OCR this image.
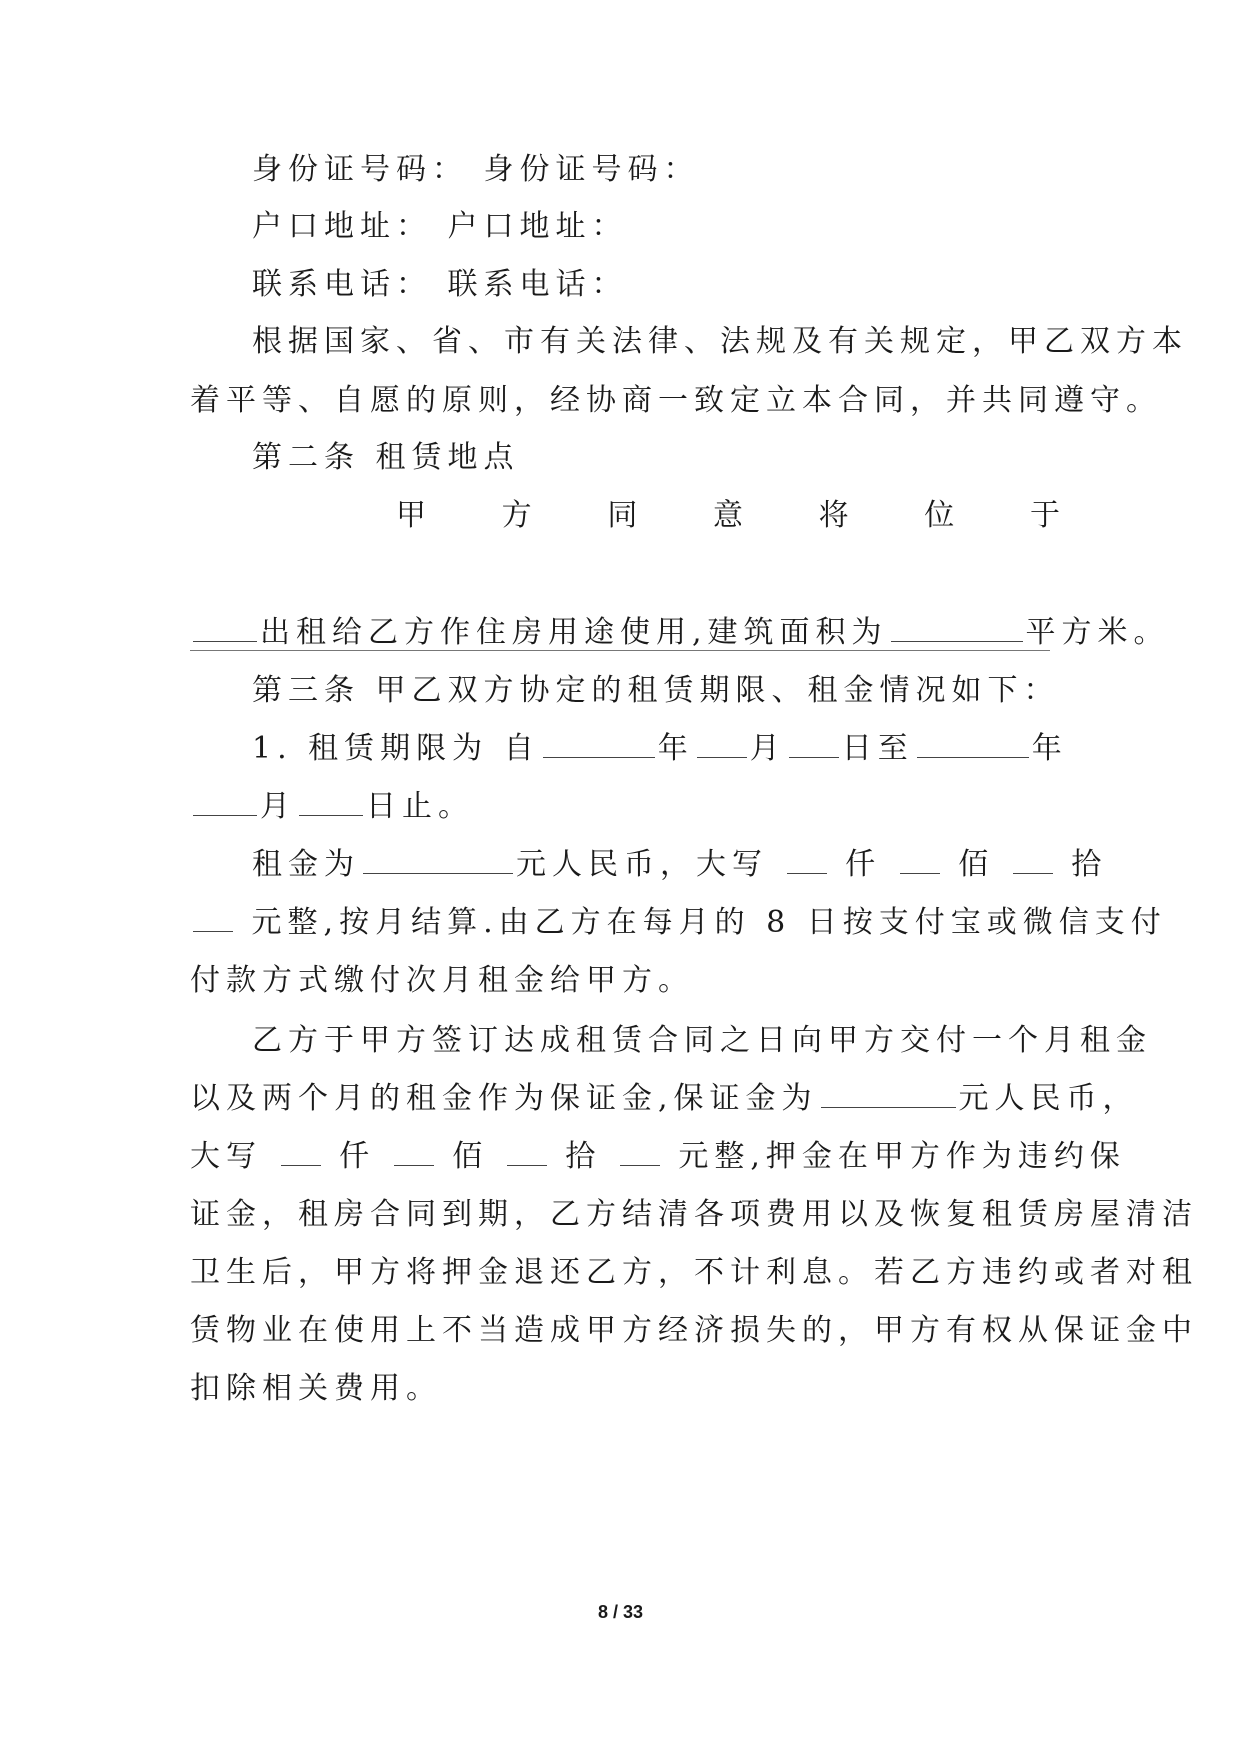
身份证号码： 身份证号码：
户口地址： 户口地址：
联系电话： 联系电话：
根据国家、省、市有关法律、法规及有关规定，甲乙双方本
着平等、自愿的原则，经协商一致定立本合同，并共同遵守。
第二条 租赁地点
甲	方	同	意	将	位	于
出租给乙方作住房用途使用,建筑面积为	平方米。
第三条 甲乙双方协定的租赁期限、租金情况如下：
1. 租赁期限为 自	年 月 日至	年
月 日止。
租金为	元人民币，大写	仟	佰	拾
元整,按月结算.由乙方在每月的 8 日按支付宝或微信支付
付款方式缴付次月租金给甲方。
乙方于甲方签订达成租赁合同之日向甲方交付一个月租金
以及两个月的租金作为保证金,保证金为	元人民币，
大写	仟	佰	拾	元整,押金在甲方作为违约保
证金，租房合同到期，乙方结清各项费用以及恢复租赁房屋清洁
卫生后，甲方将押金退还乙方，不计利息。若乙方违约或者对租
赁物业在使用上不当造成甲方经济损失的，甲方有权从保证金中
扣除相关费用。
8 / 33
